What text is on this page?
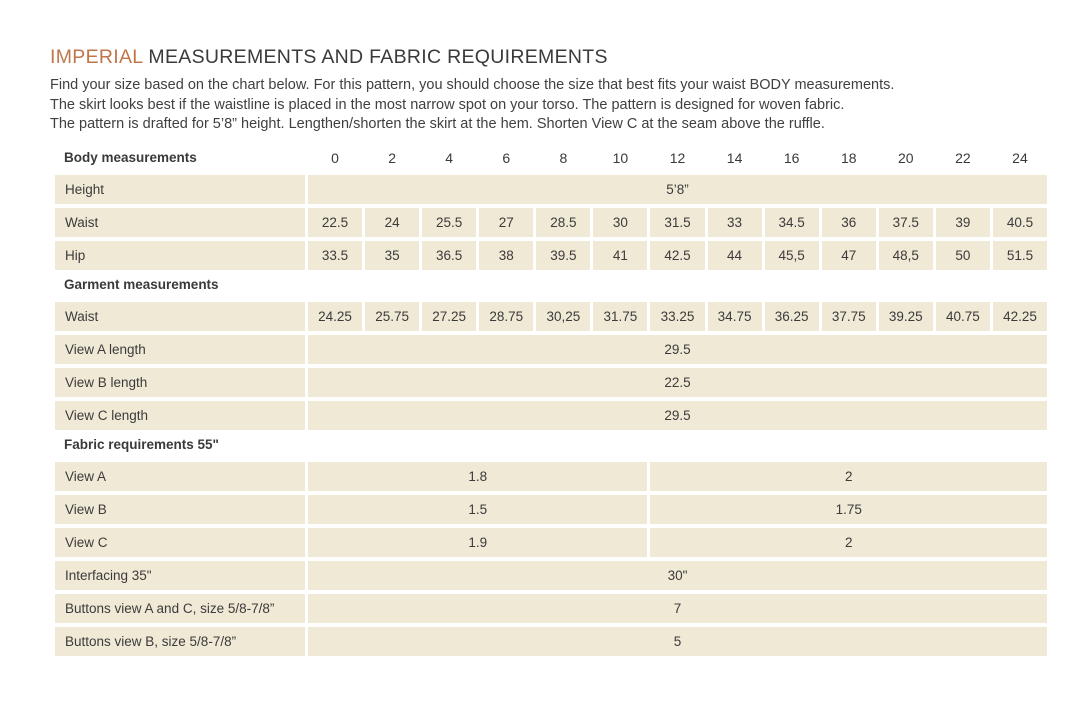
IMPERIAL MEASUREMENTS AND FABRIC REQUIREMENTS
Find your size based on the chart below. For this pattern, you should choose the size that best fits your waist BODY measurements.
The skirt looks best if the waistline is placed in the most narrow spot on your torso. The pattern is designed for woven fabric.
The pattern is drafted for 5’8” height. Lengthen/shorten the skirt at the hem. Shorten View C at the seam above the ruffle.
Body measurements	0	2	4	6	8	10	12	14	16	18	20	22	24
Height	5’8”
Waist	22.5	24	25.5	27	28.5	30	31.5	33	34.5	36	37.5	39	40.5
Hip	33.5	35	36.5	38	39.5	41	42.5	44	45,5	47	48,5	50	51.5
Garment measurements
Waist	24.25	25.75	27.25	28.75	30,25	31.75	33.25	34.75	36.25	37.75	39.25	40.75	42.25
View A length	29.5
View B length	22.5
View C length	29.5
Fabric requirements 55"
View A	1.8	2
View B	1.5	1.75
View C	1.9	2
Interfacing 35"	30"
Buttons view A and C, size 5/8-7/8”	7
Buttons view B, size 5/8-7/8”	5
